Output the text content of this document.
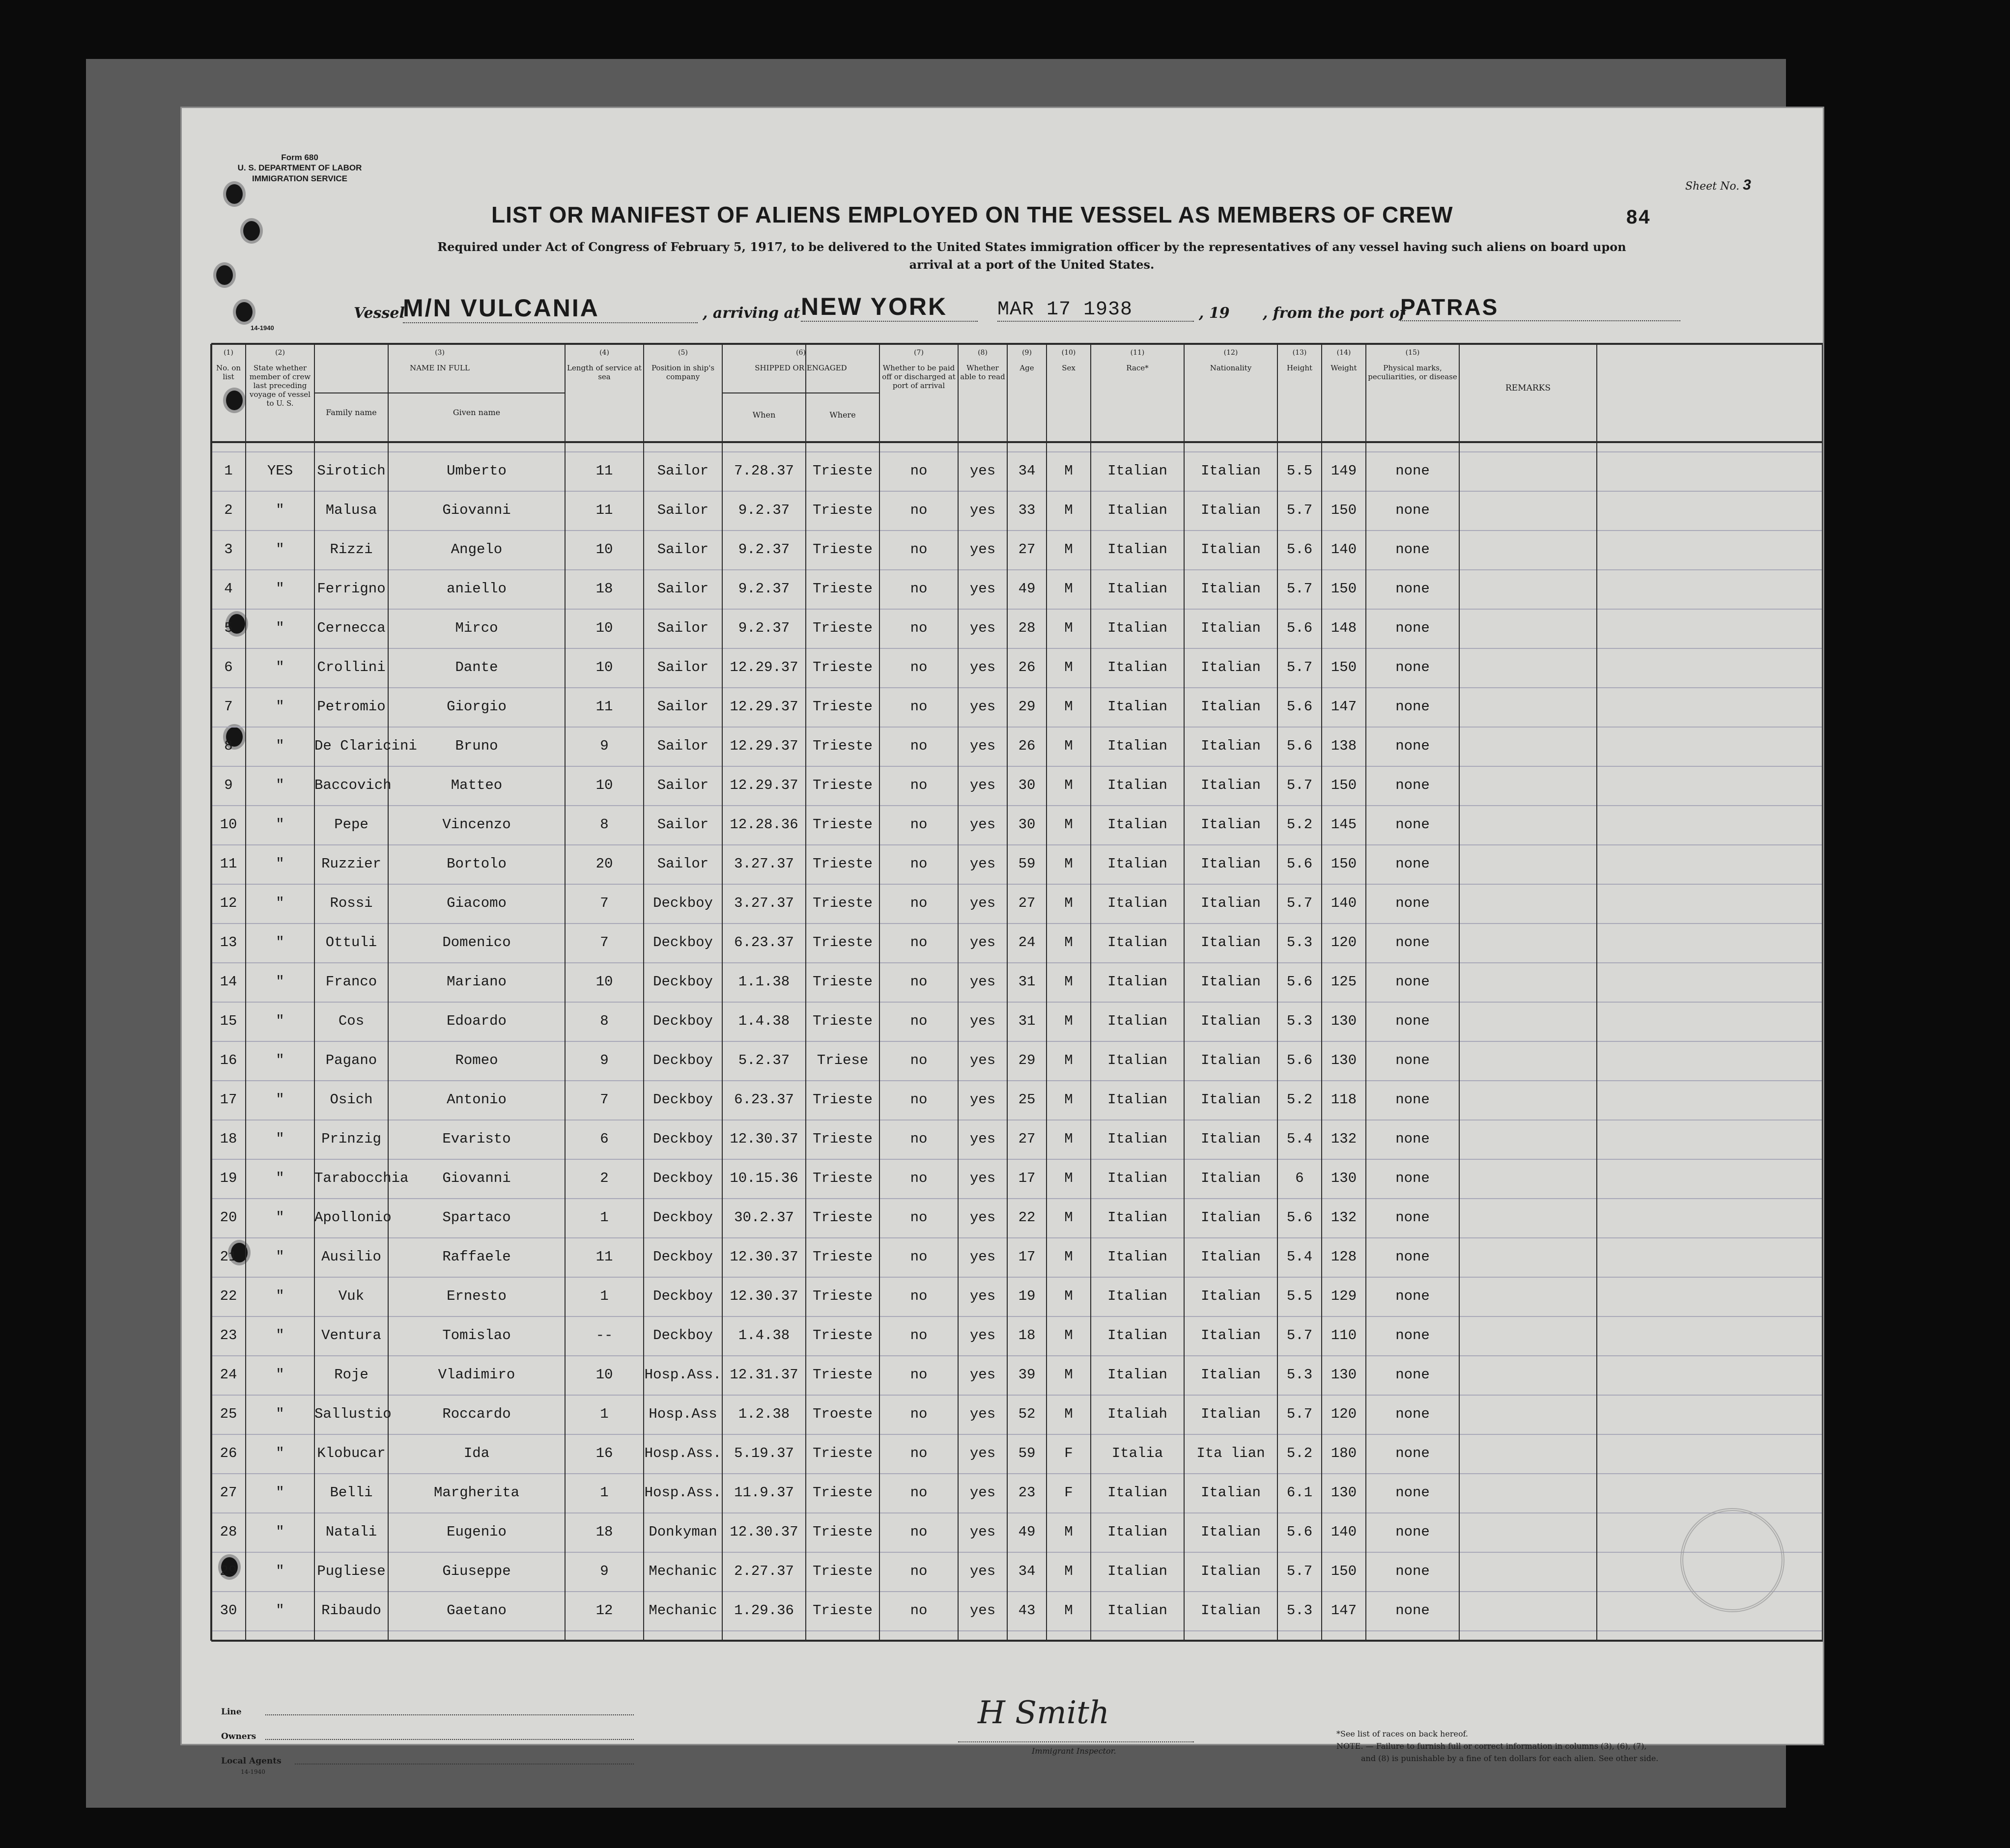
Form 680
U. S. DEPARTMENT OF LABOR
IMMIGRATION SERVICE
14-1940
Sheet No. 3
84
LIST OR MANIFEST OF ALIENS EMPLOYED ON THE VESSEL AS MEMBERS OF CREW
Required under Act of Congress of February 5, 1917, to be delivered to the United States immigration officer by the representatives of any vessel having such aliens on board upon
arrival at a port of the United States.
Vessel
M/N VULCANIA	, arriving at NEW YORK	MAR 17 1938	, 19 , from the port of
PATRAS
(1)
No. on list
(2)
State whether member of crew last preceding voyage of vessel to U. S.
(3)
NAME IN FULL
(4)
Length of service at sea
(5)
Position in ship's company
(6)
SHIPPED OR ENGAGED
(7)
Whether to be paid off or discharged at port of arrival
(8)
Whether able to read
(9)
Age
(10)
Sex
(11)
Race*
(12)
Nationality
(13)
Height
(14)
Weight
(15)
Physical marks, peculiarities, or disease
Family name	Given name	When	Where
REMARKS
1	YES	Sirotich	Umberto	11	Sailor	7.28.37	Trieste	no	yes	34	M	Italian	Italian	5.5	149	none
2	"	Malusa	Giovanni	11	Sailor	9.2.37	Trieste	no	yes	33	M	Italian	Italian	5.7	150	none
3	"	Rizzi	Angelo	10	Sailor	9.2.37	Trieste	no	yes	27	M	Italian	Italian	5.6	140	none
4	"	Ferrigno	aniello	18	Sailor	9.2.37	Trieste	no	yes	49	M	Italian	Italian	5.7	150	none
5	"	Cernecca	Mirco	10	Sailor	9.2.37	Trieste	no	yes	28	M	Italian	Italian	5.6	148	none
6	"	Crollini	Dante	10	Sailor	12.29.37	Trieste	no	yes	26	M	Italian	Italian	5.7	150	none
7	"	Petromio	Giorgio	11	Sailor	12.29.37	Trieste	no	yes	29	M	Italian	Italian	5.6	147	none
8	"	De Claricini	Bruno	9	Sailor	12.29.37	Trieste	no	yes	26	M	Italian	Italian	5.6	138	none
9	"	Baccovich	Matteo	10	Sailor	12.29.37	Trieste	no	yes	30	M	Italian	Italian	5.7	150	none
10	"	Pepe	Vincenzo	8	Sailor	12.28.36	Trieste	no	yes	30	M	Italian	Italian	5.2	145	none
11	"	Ruzzier	Bortolo	20	Sailor	3.27.37	Trieste	no	yes	59	M	Italian	Italian	5.6	150	none
12	"	Rossi	Giacomo	7	Deckboy	3.27.37	Trieste	no	yes	27	M	Italian	Italian	5.7	140	none
13	"	Ottuli	Domenico	7	Deckboy	6.23.37	Trieste	no	yes	24	M	Italian	Italian	5.3	120	none
14	"	Franco	Mariano	10	Deckboy	1.1.38	Trieste	no	yes	31	M	Italian	Italian	5.6	125	none
15	"	Cos	Edoardo	8	Deckboy	1.4.38	Trieste	no	yes	31	M	Italian	Italian	5.3	130	none
16	"	Pagano	Romeo	9	Deckboy	5.2.37	Triese	no	yes	29	M	Italian	Italian	5.6	130	none
17	"	Osich	Antonio	7	Deckboy	6.23.37	Trieste	no	yes	25	M	Italian	Italian	5.2	118	none
18	"	Prinzig	Evaristo	6	Deckboy	12.30.37	Trieste	no	yes	27	M	Italian	Italian	5.4	132	none
19	"	Tarabocchia	Giovanni	2	Deckboy	10.15.36	Trieste	no	yes	17	M	Italian	Italian	6	130	none
20	"	Apollonio	Spartaco	1	Deckboy	30.2.37	Trieste	no	yes	22	M	Italian	Italian	5.6	132	none
21	"	Ausilio	Raffaele	11	Deckboy	12.30.37	Trieste	no	yes	17	M	Italian	Italian	5.4	128	none
22	"	Vuk	Ernesto	1	Deckboy	12.30.37	Trieste	no	yes	19	M	Italian	Italian	5.5	129	none
23	"	Ventura	Tomislao	--	Deckboy	1.4.38	Trieste	no	yes	18	M	Italian	Italian	5.7	110	none
24	"	Roje	Vladimiro	10	Hosp.Ass. 12.31.37	Trieste	no	yes	39	M	Italian	Italian	5.3	130	none
25	"	Sallustio	Roccardo	1	Hosp.Ass	1.2.38	Troeste	no	yes	52	M	Italiah	Italian	5.7	120	none
26	"	Klobucar	Ida	16	Hosp.Ass. 5.19.37	Trieste	no	yes	59	F	Italia	Ita lian	5.2	180	none
27	"	Belli	Margherita	1	Hosp.Ass. 11.9.37	Trieste	no	yes	23	F	Italian	Italian	6.1	130	none
28	"	Natali	Eugenio	18	Donkyman 12.30.37	Trieste	no	yes	49	M	Italian	Italian	5.6	140	none
29	"	Pugliese	Giuseppe	9	Mechanic	2.27.37	Trieste	no	yes	34	M	Italian	Italian	5.7	150	none
30	"	Ribaudo	Gaetano	12	Mechanic	1.29.36	Trieste	no	yes	43	M	Italian	Italian	5.3	147	none
Line
Owners
Local Agents
14-1940
H Smith
Immigrant Inspector.
*See list of races on back hereof.
NOTE. — Failure to furnish full or correct information in columns (3), (6), (7),
and (8) is punishable by a fine of ten dollars for each alien. See other side.
